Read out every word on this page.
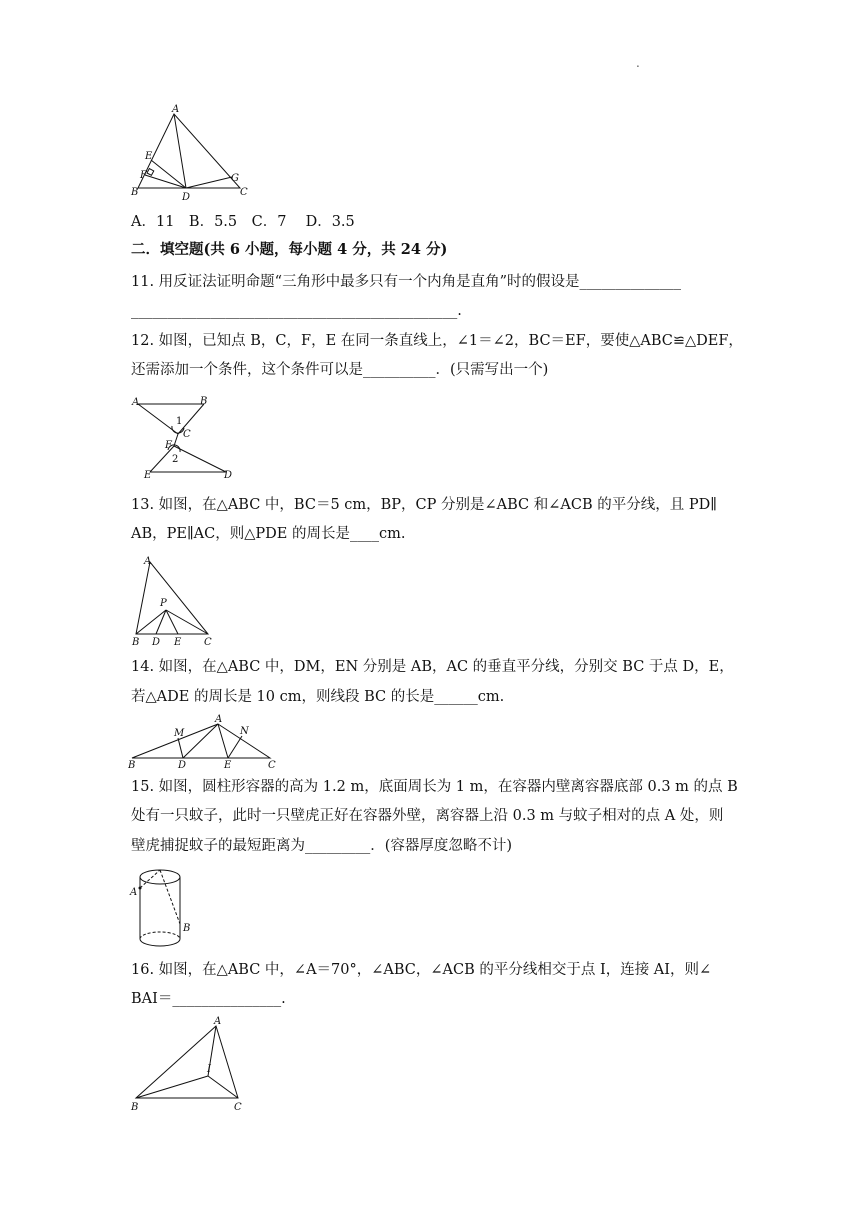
.
A
B	C
D
E
F	G
A．11　B．5.5　C．7　 D．3.5
二．填空题(共 6 小题，每小题 4 分，共 24 分)
11. 用反证法证明命题“三角形中最多只有一个内角是直角”时的假设是______________
_____________________________________________.
12. 如图，已知点 B，C，F，E 在同一条直线上，∠1＝∠2，BC＝EF，要使△ABC≌△DEF，
还需添加一个条件，这个条件可以是__________．(只需写出一个)
A	B
C
F
E	D
1
2
13. 如图，在△ABC 中，BC＝5 cm，BP，CP 分别是∠ABC 和∠ACB 的平分线，且 PD∥
AB，PE∥AC，则△PDE 的周长是____cm.
A
P
B D E C
14. 如图，在△ABC 中，DM，EN 分别是 AB，AC 的垂直平分线，分别交 BC 于点 D，E，
若△ADE 的周长是 10 cm，则线段 BC 的长是______cm.
A
M	N
B	D	E	C
15. 如图，圆柱形容器的高为 1.2 m，底面周长为 1 m，在容器内壁离容器底部 0.3 m 的点 B
处有一只蚊子，此时一只壁虎正好在容器外壁，离容器上沿 0.3 m 与蚊子相对的点 A 处，则
壁虎捕捉蚊子的最短距离为_________．(容器厚度忽略不计)
A
B
16. 如图，在△ABC 中，∠A＝70°，∠ABC，∠ACB 的平分线相交于点 I，连接 AI，则∠
BAI＝_______________.
A
I
B	C
